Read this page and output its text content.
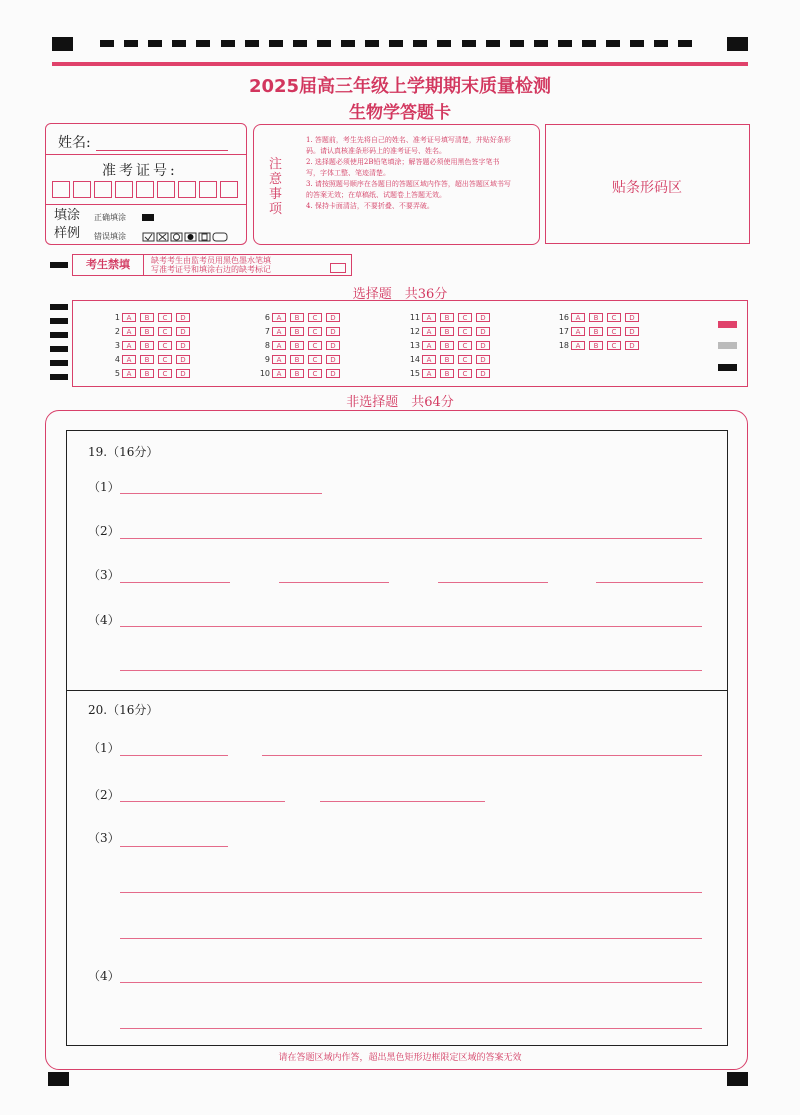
2025届高三年级上学期期末质量检测
生物学答题卡
姓名:
准考证号:
填涂样例
正确填涂
错误填涂
注意事项
1. 答题前，考生先将自己的姓名、准考证号填写清楚，并贴好条形码。请认真核准条形码上的准考证号、姓名。
2. 选择题必须使用2B铅笔填涂；解答题必须使用黑色签字笔书写，字体工整、笔迹清楚。
3. 请按照题号顺序在各题目的答题区域内作答，超出答题区域书写的答案无效；在草稿纸、试题卷上答题无效。
4. 保持卡面清洁，不要折叠、不要弄破。
贴条形码区
考生禁填	缺考考生由监考员用黑色墨水笔填
写准考证号和填涂右边的缺考标记
选择题　共36分
1 A	B	C	D
2 A	B	C	D
3 A	B	C	D
4 A	B	C	D
5 A	B	C	D
6 A	B	C	D
7 A	B	C	D
8 A	B	C	D
9 A	B	C	D
10 A	B	C	D
11 A	B	C	D
12 A	B	C	D
13 A	B	C	D
14 A	B	C	D
15 A	B	C	D
16 A	B	C	D
17 A	B	C	D
18 A	B	C	D
非选择题　共64分
19.（16分）
（1）
（2）
（3）
（4）
20.（16分）
（1）
（2）
（3）
（4）
请在答题区域内作答，超出黑色矩形边框限定区域的答案无效
